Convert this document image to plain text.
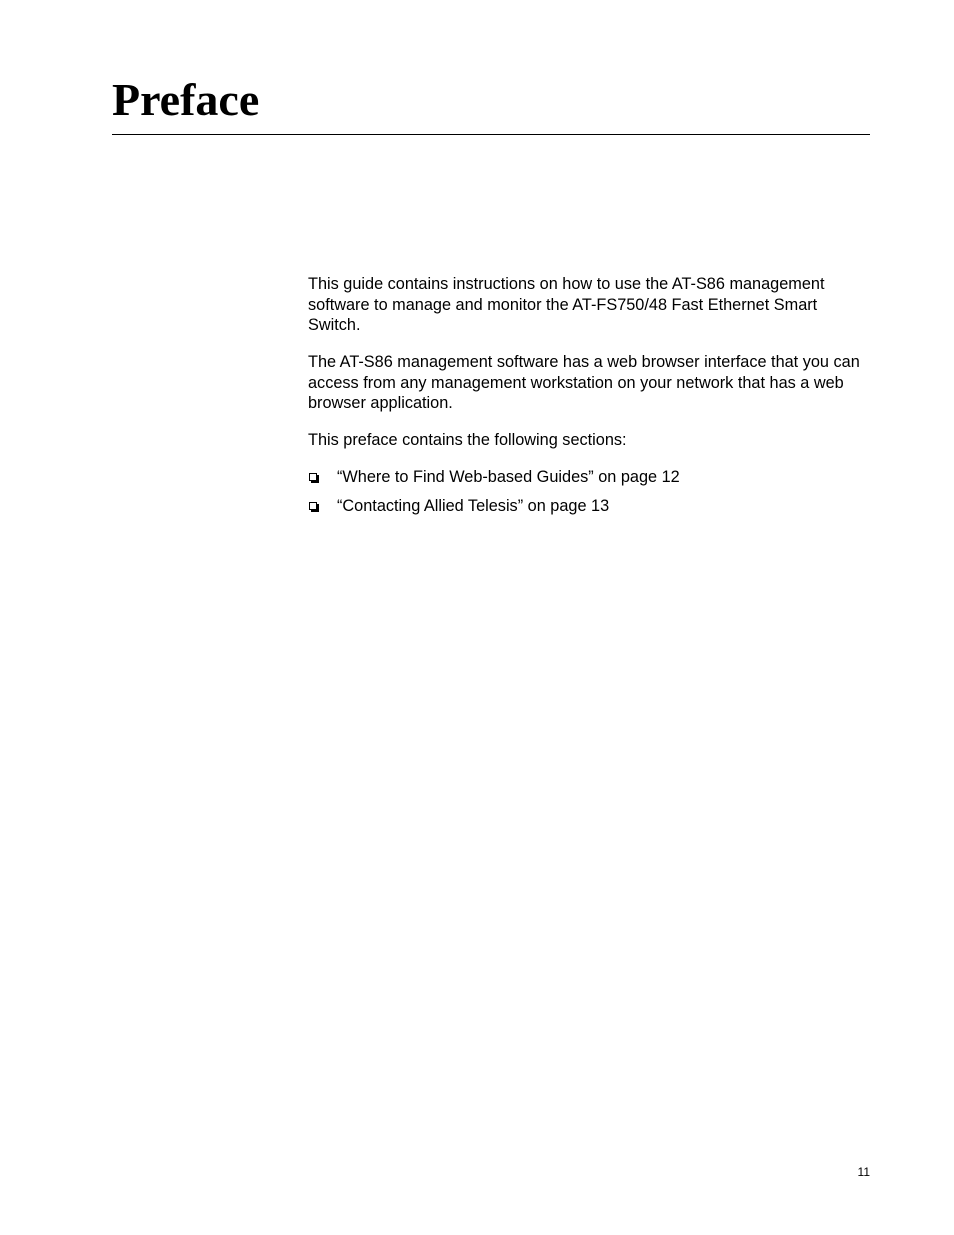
Preface

This guide contains instructions on how to use the AT-S86 management software to manage and monitor the AT-FS750/48 Fast Ethernet Smart Switch.

The AT-S86 management software has a web browser interface that you can access from any management workstation on your network that has a web browser application.

This preface contains the following sections:

“Where to Find Web-based Guides” on page 12
“Contacting Allied Telesis” on page 13
11
